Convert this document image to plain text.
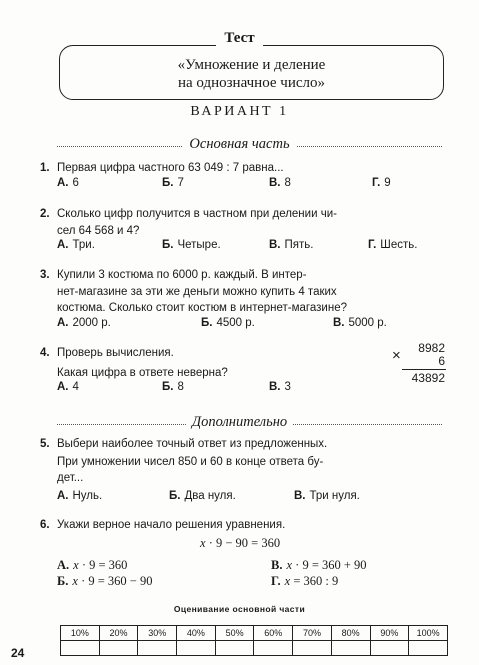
Тест
«Умножение и деление
на однозначное число»
ВАРИАНТ 1
Основная часть
1. Первая цифра частного 63 049 : 7 равна...
А. 6	Б. 7	В. 8	Г. 9
2. Сколько цифр получится в частном при делении чи-
сел 64 568 и 4?
А. Три.	Б. Четыре.	В. Пять.	Г. Шесть.
3. Купили 3 костюма по 6000 р. каждый. В интер-
нет-магазине за эти же деньги можно купить 4 таких
костюма. Сколько стоит костюм в интернет-магазине?
А. 2000 р.	Б. 4500 р.	В. 5000 р.
4. Проверь вычисления.
Какая цифра в ответе неверна?
А. 4	Б. 8	В. 3
×	8982
6
43892
Дополнительно
5. Выбери наиболее точный ответ из предложенных.
При умножении чисел 850 и 60 в конце ответа бу-
дет...
А. Нуль.	Б. Два нуля.	В. Три нуля.
6. Укажи верное начало решения уравнения.
x · 9 − 90 = 360
А. x · 9 = 360	В. x · 9 = 360 + 90
Б. x · 9 = 360 − 90	Г. x = 360 : 9
Оценивание основной части
10%	20%	30%	40%	50%	60%	70%	80%	90%	100%

24
